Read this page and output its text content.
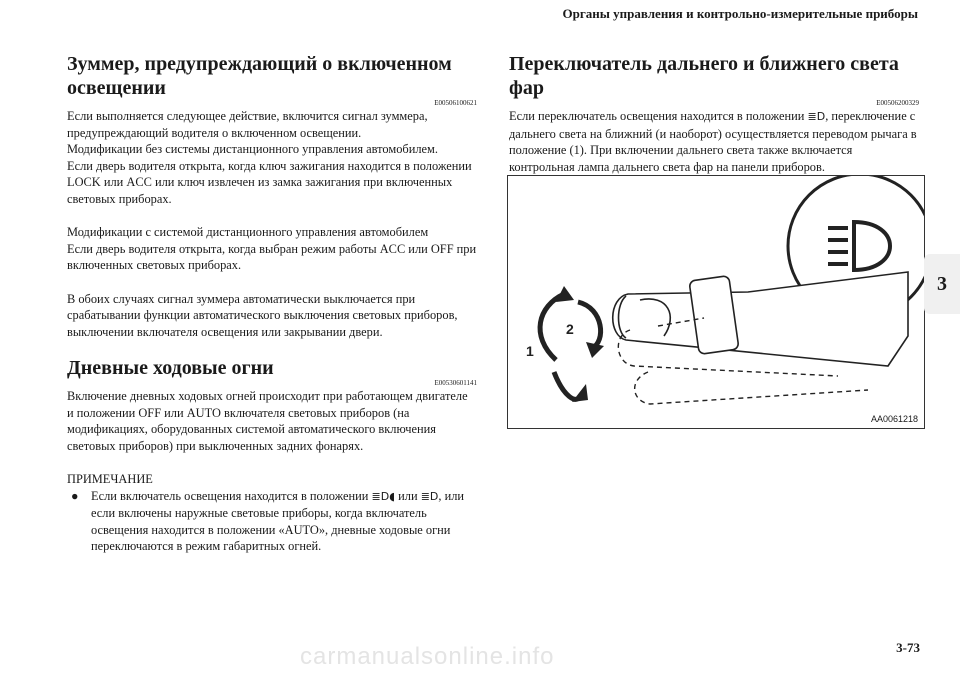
Органы управления и контрольно-измерительные приборы
Зуммер, предупреждающий о включенном освещении
E00506100621

Если выполняется следующее действие, включится сигнал зуммера, предупреждающий водителя о включенном освещении.

Модификации без системы дистанционного управления автомобилем.

Если дверь водителя открыта, когда ключ зажигания находится в положении LOCK или ACC или ключ извлечен из замка зажигания при включенных световых приборах.

Модификации с системой дистанционного управления автомобилем

Если дверь водителя открыта, когда выбран режим работы ACC или OFF при включенных световых приборах.

В обоих случаях сигнал зуммера автоматически выключается при срабатывании функции автоматического выключения световых приборов, выключении включателя освещения или закрывании двери.

Дневные ходовые огни
E00530601141

Включение дневных ходовых огней происходит при работающем двигателе и положении OFF или AUTO включателя световых приборов (на модификациях, оборудованных системой автоматического включения световых приборов) при выключенных задних фонарях.

ПРИМЕЧАНИЕ
●	Если включатель освещения находится в положении ≣D◖ или ≣D, или если включены наружные световые приборы, когда включатель освещения находится в положении «AUTO», дневные ходовые огни переключаются в режим габаритных огней.
Переключатель дальнего и ближнего света фар
E00506200329

Если переключатель освещения находится в положении ≣D, переключение с дальнего света на ближний (и наоборот) осуществляется переводом рычага в положение (1). При включении дальнего света также включается контрольная лампа дальнего света фар на панели приборов.

1
2
AA0061218
3
3-73
carmanualsonline.info
